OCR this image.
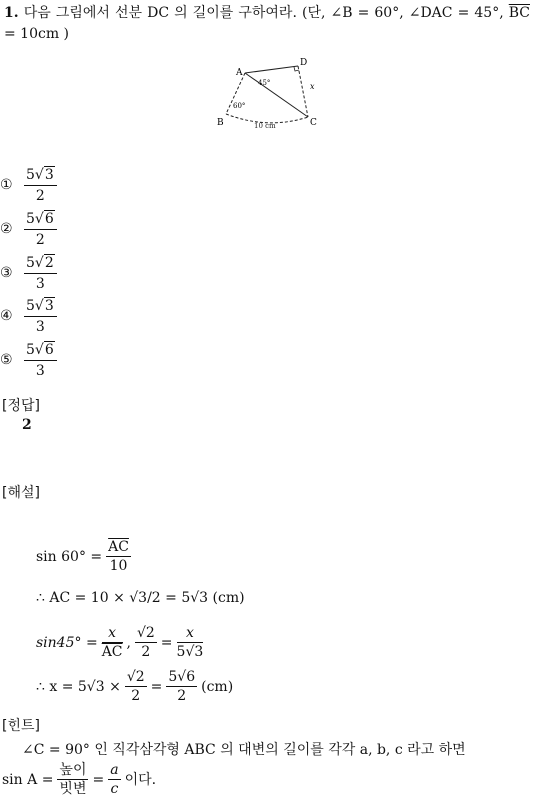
1. 다음 그림에서 선분 DC 의 길이를 구하여라. (단, ∠B = 60°, ∠DAC = 45°, $\overline{BC} = 10cm$ )
A
B	C
D
60°
45°	x
10 cm
① $\frac{5√3}{2}$
② $\frac{5√6}{2}$
③ $\frac{5√2}{3}$
④ $\frac{5√3}{3}$
⑤ $\frac{5√6}{3}$
[정답]
2
[해설]
$\sin 60^\circ = \frac{\overline{AC}}{10}$
∴ AC = 10 × √3/2 = 5√3 (cm)
$\sin 45^\circ = \frac{x}{AC}$ , $\frac{√2}{2} = \frac{x}{5√3}$
∴ $x = 5√3 \times \frac{√2}{2} = \frac{5√6}{2} (cm)$
[힌트]
∠C = 90° 인 직각삼각형 ABC 의 대변의 길이를 각각 a, b, c 라고 하면
sin A =
높이
빗변
= $\frac{a}{c}$ 이다.
